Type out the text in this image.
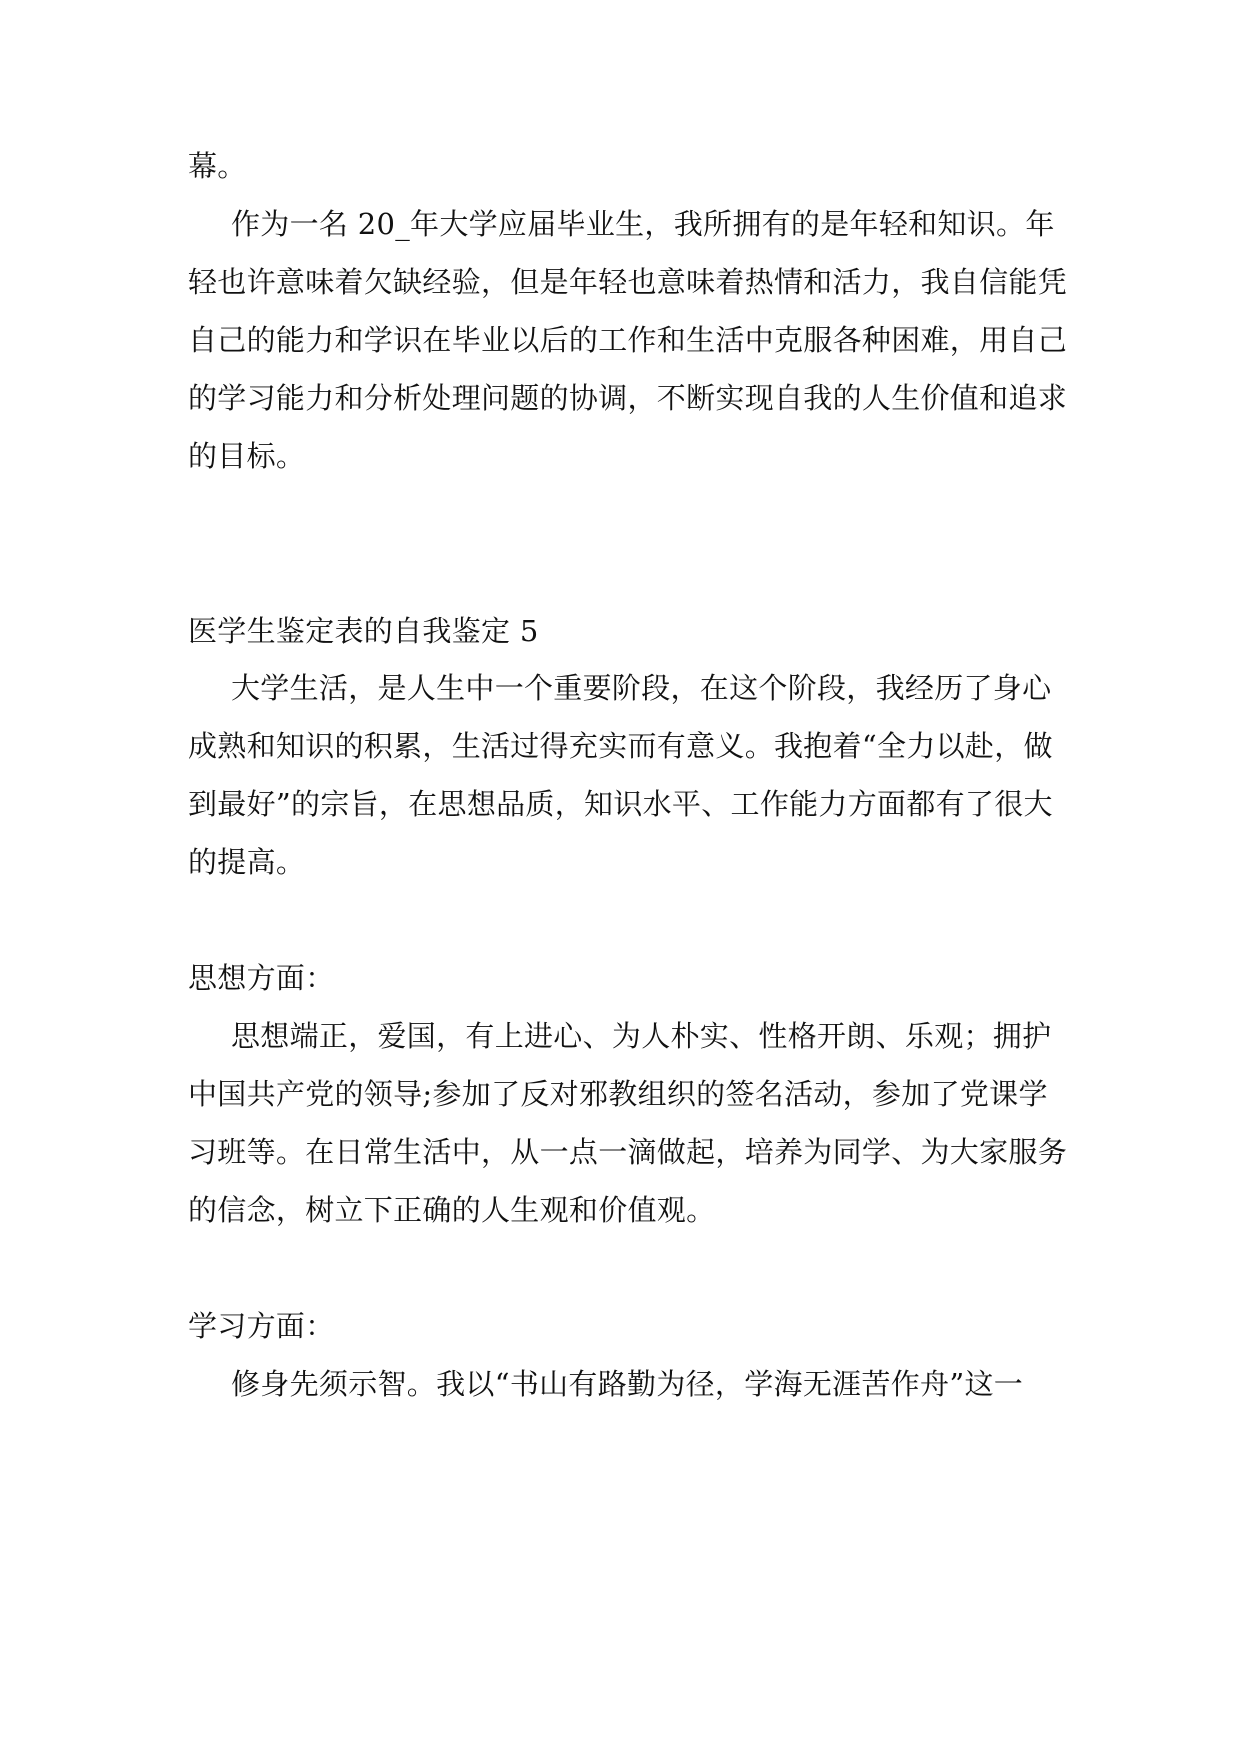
幕。

作为一名 20_年大学应届毕业生，我所拥有的是年轻和知识。年

轻也许意味着欠缺经验，但是年轻也意味着热情和活力，我自信能凭

自己的能力和学识在毕业以后的工作和生活中克服各种困难，用自己

的学习能力和分析处理问题的协调，不断实现自我的人生价值和追求

的目标。

医学生鉴定表的自我鉴定 5

大学生活，是人生中一个重要阶段，在这个阶段，我经历了身心

成熟和知识的积累，生活过得充实而有意义。我抱着“全力以赴，做

到最好”的宗旨，在思想品质，知识水平、工作能力方面都有了很大

的提高。

思想方面：

思想端正，爱国，有上进心、为人朴实、性格开朗、乐观；拥护

中国共产党的领导;参加了反对邪教组织的签名活动，参加了党课学

习班等。在日常生活中，从一点一滴做起，培养为同学、为大家服务

的信念，树立下正确的人生观和价值观。

学习方面：

修身先须示智。我以“书山有路勤为径，学海无涯苦作舟”这一
